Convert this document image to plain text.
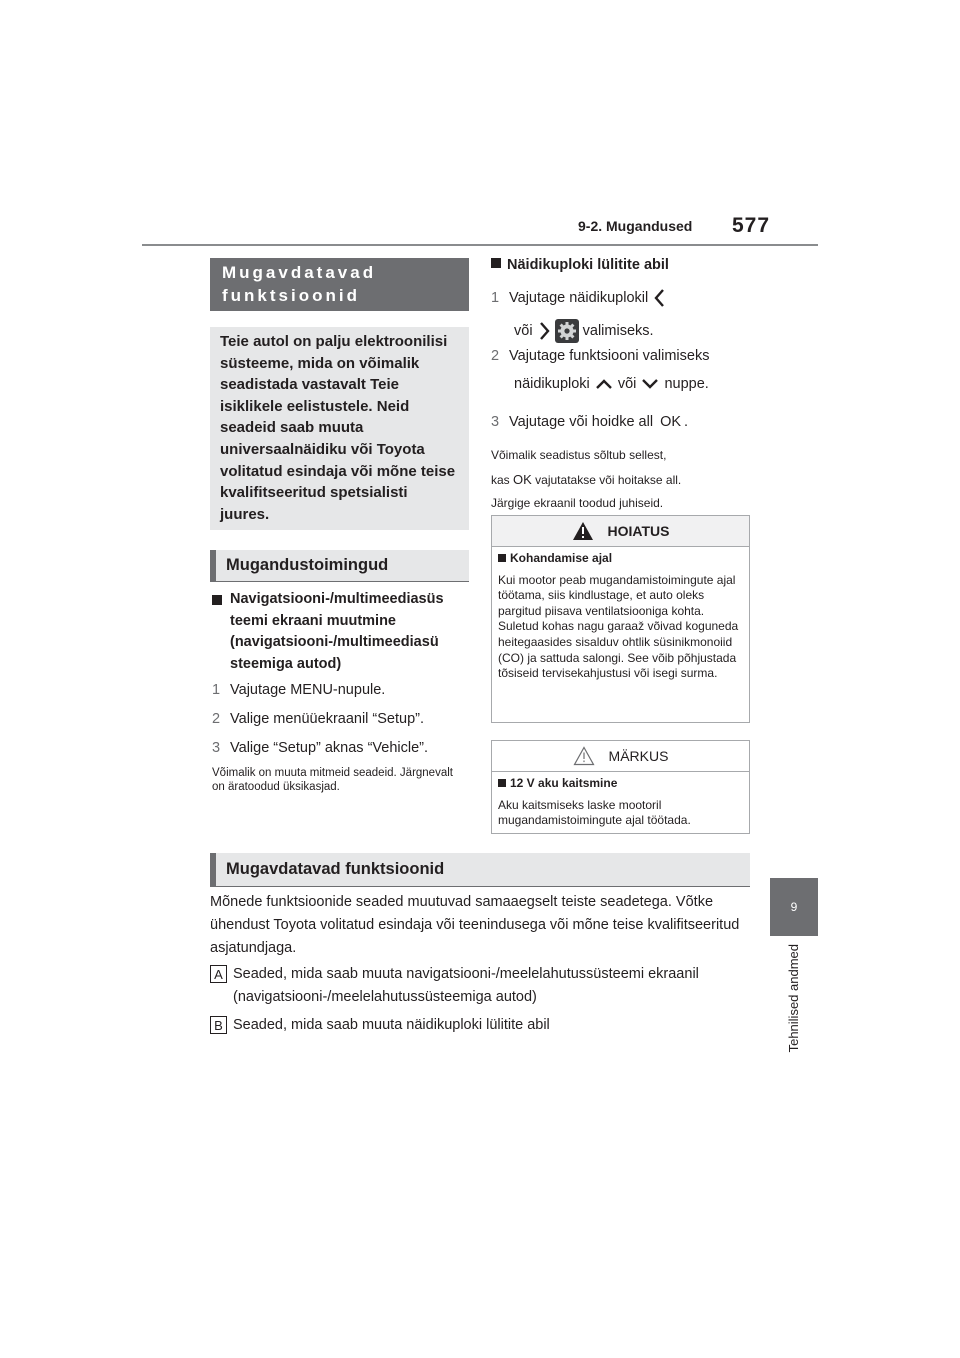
9-2. Mugandused 577
9
Tehnilised andmed
Mugavdatavad funktsioonid
Teie autol on palju elektroonilisi süsteeme, mida on võimalik seadistada vastavalt Teie isiklikele eelistustele. Neid seadeid saab muuta universaalnäidiku või Toyota volitatud esindaja või mõne teise kvalifitseeritud spetsialisti juures.
Mugandustoimingud
Navigatsiooni-/multimeediasüs teemi ekraani muutmine (navigatsiooni-/multimeediasü steemiga autod)
1 Vajutage MENU-nupule.
2 Valige menüüekraanil “Setup”.
3 Valige “Setup” aknas “Vehicle”.
Võimalik on muuta mitmeid seadeid. Järgnevalt on äratoodud üksikasjad.
Näidikuploki lülitite abil
1 Vajutage näidikuplokil
või	valimiseks.
2 Vajutage funktsiooni valimiseks
näidikuploki või nuppe.
3 Vajutage või hoidke all OK .
Võimalik seadistus sõltub sellest,
kas OK vajutatakse või hoitakse all.
Järgige ekraanil toodud juhiseid.
HOIATUS
Kohandamise ajal
Kui mootor peab mugandamistoimingute ajal töötama, siis kindlustage, et auto oleks pargitud piisava ventilatsiooniga kohta. Suletud kohas nagu garaaž võivad koguneda heitegaasides sisalduv ohtlik süsinikmonoiid (CO) ja sattuda salongi. See võib põhjustada tõsiseid tervisekahjustusi või isegi surma.
MÄRKUS
12 V aku kaitsmine
Aku kaitsmiseks laske mootoril mugandamistoimingute ajal töötada.
Mugavdatavad funktsioonid
Mõnede funktsioonide seaded muutuvad samaaegselt teiste seadetega. Võtke ühendust Toyota volitatud esindaja või teenindusega või mõne teise kvalifitseeritud asjatundjaga.
A Seaded, mida saab muuta navigatsiooni-/meelelahutussüsteemi ekraanil (navigatsiooni-/meelelahutussüsteemiga autod)
B Seaded, mida saab muuta näidikuploki lülitite abil
